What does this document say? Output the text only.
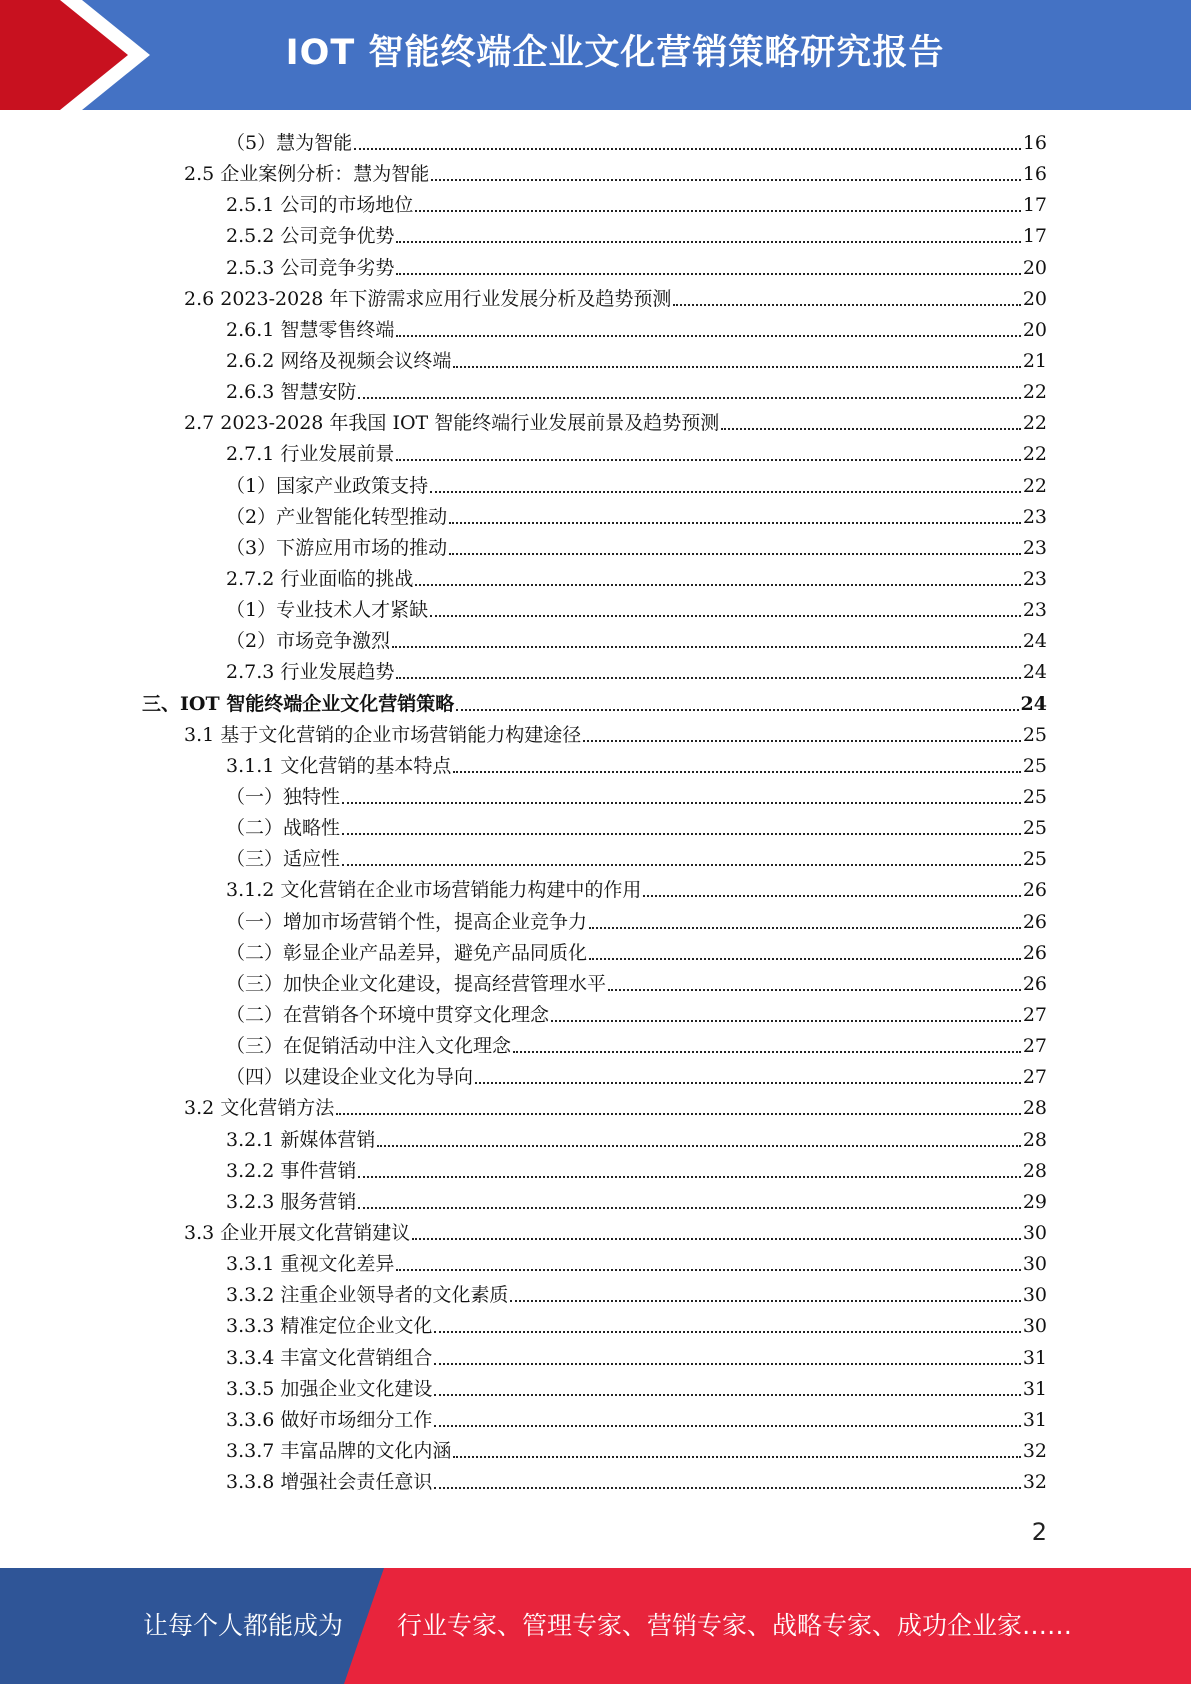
IOT 智能终端企业文化营销策略研究报告
（5）慧为智能	16
2.5 企业案例分析：慧为智能	16
2.5.1 公司的市场地位	17
2.5.2 公司竞争优势	17
2.5.3 公司竞争劣势	20
2.6 2023-2028 年下游需求应用行业发展分析及趋势预测	20
2.6.1 智慧零售终端	20
2.6.2 网络及视频会议终端	21
2.6.3 智慧安防	22
2.7 2023-2028 年我国 IOT 智能终端行业发展前景及趋势预测	22
2.7.1 行业发展前景	22
（1）国家产业政策支持	22
（2）产业智能化转型推动	23
（3）下游应用市场的推动	23
2.7.2 行业面临的挑战	23
（1）专业技术人才紧缺	23
（2）市场竞争激烈	24
2.7.3 行业发展趋势	24
三、IOT 智能终端企业文化营销策略	24
3.1 基于文化营销的企业市场营销能力构建途径	25
3.1.1 文化营销的基本特点	25
（一）独特性	25
（二）战略性	25
（三）适应性	25
3.1.2 文化营销在企业市场营销能力构建中的作用	26
（一）增加市场营销个性，提高企业竞争力	26
（二）彰显企业产品差异，避免产品同质化	26
（三）加快企业文化建设，提高经营管理水平	26
（二）在营销各个环境中贯穿文化理念	27
（三）在促销活动中注入文化理念	27
（四）以建设企业文化为导向	27
3.2 文化营销方法	28
3.2.1 新媒体营销	28
3.2.2 事件营销	28
3.2.3 服务营销	29
3.3 企业开展文化营销建议	30
3.3.1 重视文化差异	30
3.3.2 注重企业领导者的文化素质	30
3.3.3 精准定位企业文化	30
3.3.4 丰富文化营销组合	31
3.3.5 加强企业文化建设	31
3.3.6 做好市场细分工作	31
3.3.7 丰富品牌的文化内涵	32
3.3.8 增强社会责任意识	32
2
让每个人都能成为 行业专家、管理专家、营销专家、战略专家、成功企业家……
